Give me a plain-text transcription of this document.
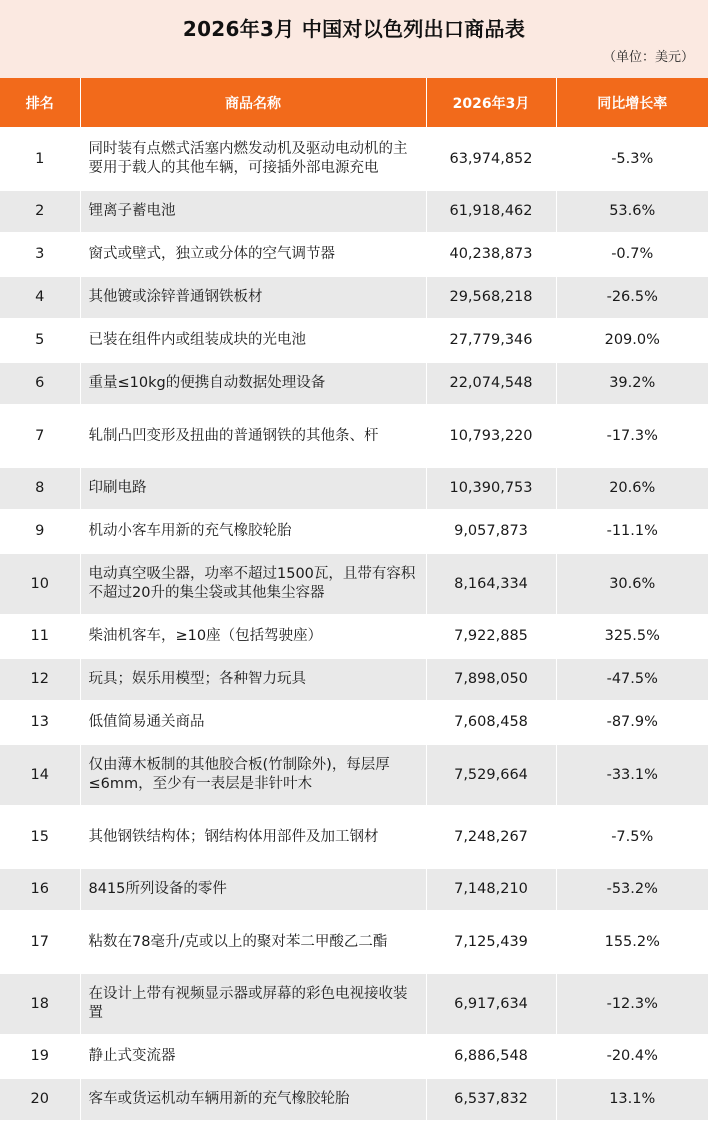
2026年3月 中国对以色列出口商品表
（单位：美元）
排名	商品名称	2026年3月	同比增长率
1	同时装有点燃式活塞内燃发动机及驱动电动机的主要用于载人的其他车辆，可接插外部电源充电	63,974,852	-5.3%
2	锂离子蓄电池	61,918,462	53.6%
3	窗式或壁式，独立或分体的空气调节器	40,238,873	-0.7%
4	其他镀或涂锌普通钢铁板材	29,568,218	-26.5%
5	已装在组件内或组装成块的光电池	27,779,346	209.0%
6	重量≤10kg的便携自动数据处理设备	22,074,548	39.2%
7	轧制凸凹变形及扭曲的普通钢铁的其他条、杆	10,793,220	-17.3%
8	印刷电路	10,390,753	20.6%
9	机动小客车用新的充气橡胶轮胎	9,057,873	-11.1%
10	电动真空吸尘器，功率不超过1500瓦，且带有容积不超过20升的集尘袋或其他集尘容器	8,164,334	30.6%
11	柴油机客车，≥10座（包括驾驶座）	7,922,885	325.5%
12	玩具；娱乐用模型；各种智力玩具	7,898,050	-47.5%
13	低值简易通关商品	7,608,458	-87.9%
14	仅由薄木板制的其他胶合板(竹制除外)，每层厚≤6mm，至少有一表层是非针叶木	7,529,664	-33.1%
15	其他钢铁结构体；钢结构体用部件及加工钢材	7,248,267	-7.5%
16	8415所列设备的零件	7,148,210	-53.2%
17	粘数在78毫升/克或以上的聚对苯二甲酸乙二酯	7,125,439	155.2%
18	在设计上带有视频显示器或屏幕的彩色电视接收装置	6,917,634	-12.3%
19	静止式变流器	6,886,548	-20.4%
20	客车或货运机动车辆用新的充气橡胶轮胎	6,537,832	13.1%
